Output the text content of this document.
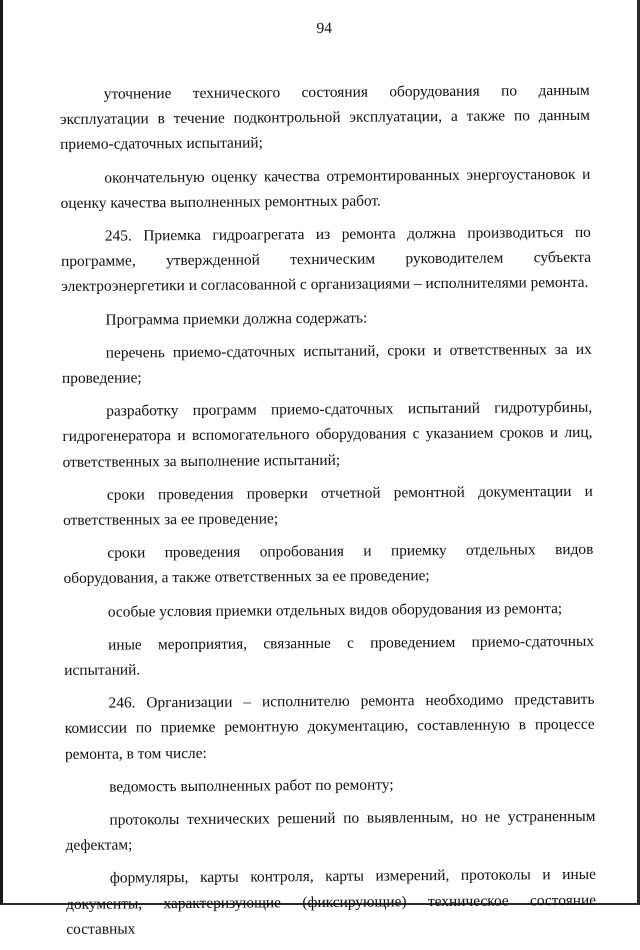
94

уточнение технического состояния оборудования по данным эксплуатации в течение подконтрольной эксплуатации, а также по данным приемо-сдаточных испытаний;

окончательную оценку качества отремонтированных энергоустановок и оценку качества выполненных ремонтных работ.

245. Приемка гидроагрегата из ремонта должна производиться по программе, утвержденной техническим руководителем субъекта электроэнергетики и согласованной с организациями – исполнителями ремонта.

Программа приемки должна содержать:

перечень приемо-сдаточных испытаний, сроки и ответственных за их проведение;

разработку программ приемо-сдаточных испытаний гидротурбины, гидрогенератора и вспомогательного оборудования с указанием сроков и лиц, ответственных за выполнение испытаний;

сроки проведения проверки отчетной ремонтной документации и ответственных за ее проведение;

сроки проведения опробования и приемку отдельных видов оборудования, а также ответственных за ее проведение;

особые условия приемки отдельных видов оборудования из ремонта;

иные мероприятия, связанные с проведением приемо-сдаточных испытаний.

246. Организации – исполнителю ремонта необходимо представить комиссии по приемке ремонтную документацию, составленную в процессе ремонта, в том числе:

ведомость выполненных работ по ремонту;

протоколы технических решений по выявленным, но не устраненным дефектам;

формуляры, карты контроля, карты измерений, протоколы и иные документы, характеризующие (фиксирующие) техническое состояние составных
